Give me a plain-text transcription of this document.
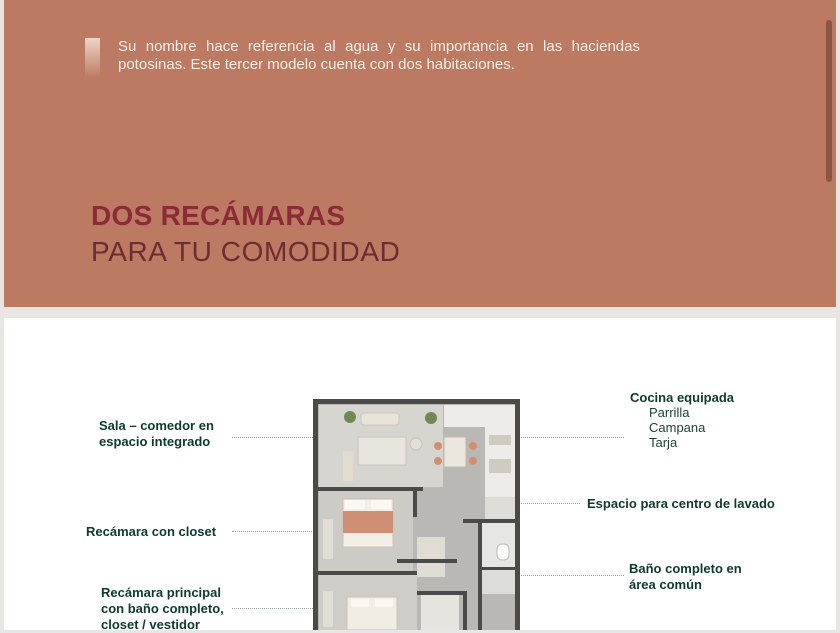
Su nombre hace referencia al agua y su importancia en las haciendas potosinas. Este tercer modelo cuenta con dos habitaciones.

DOS RECÁMARAS
PARA TU COMODIDAD
Sala – comedor en
espacio integrado
Recámara con closet
Recámara principal
con baño completo,
closet / vestidor
Cocina equipada
Parrilla
Campana
Tarja
Espacio para centro de lavado
Baño completo en
área común
